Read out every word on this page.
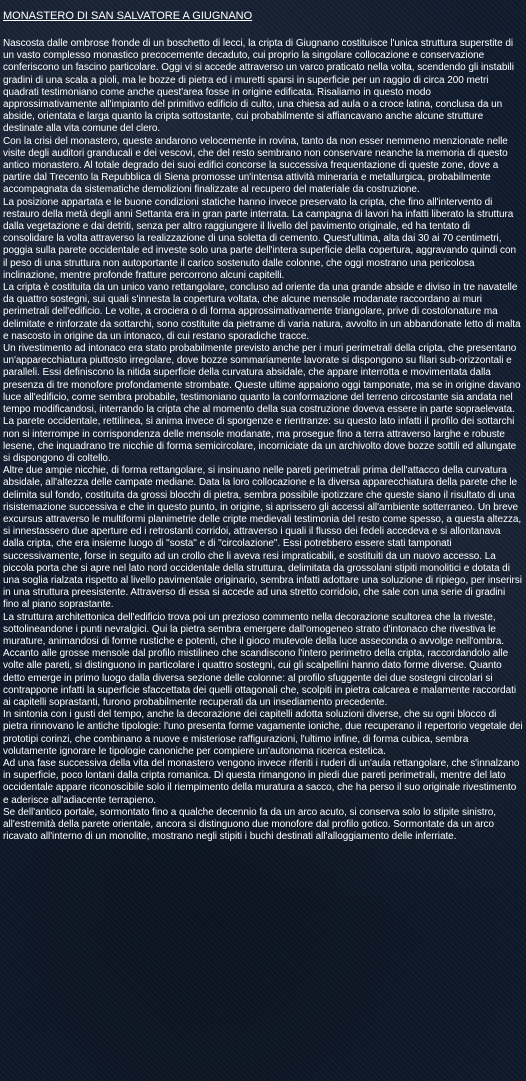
MONASTERO DI SAN SALVATORE A GIUGNANO

Nascosta dalle ombrose fronde di un boschetto di lecci, la cripta di Giugnano costituisce l'unica struttura superstite di un vasto complesso monastico precocemente decaduto, cui proprio la singolare collocazione e conservazione conferiscono un fascino particolare. Oggi vi si accede attraverso un varco praticato nella volta, scendendo gli instabili gradini di una scala a pioli, ma le bozze di pietra ed i muretti sparsi in superficie per un raggio di circa 200 metri quadrati testimoniano come anche quest'area fosse in origine edificata. Risaliamo in questo modo approssimativamente all'impianto del primitivo edificio di culto, una chiesa ad aula o a croce latina, conclusa da un abside, orientata e larga quanto la cripta sottostante, cui probabilmente si affiancavano anche alcune strutture destinate alla vita comune del clero.

Con la crisi del monastero, queste andarono velocemente in rovina, tanto da non esser nemmeno menzionate nelle visite degli auditori granducali e dei vescovi, che del resto sembrano non conservare neanche la memoria di questo antico monastero. Al totale degrado dei suoi edifici concorse la successiva frequentazione di queste zone, dove a partire dal Trecento la Repubblica di Siena promosse un'intensa attività mineraria e metallurgica, probabilmente accompagnata da sistematiche demolizioni finalizzate al recupero del materiale da costruzione.

La posizione appartata e le buone condizioni statiche hanno invece preservato la cripta, che fino all'intervento di restauro della metà degli anni Settanta era in gran parte interrata. La campagna di lavori ha infatti liberato la struttura dalla vegetazione e dai detriti, senza per altro raggiungere il livello del pavimento originale, ed ha tentato di consolidare la volta attraverso la realizzazione di una soletta di cemento. Quest'ultima, alta dai 30 ai 70 centimetri, poggia sulla parete occidentale ed investe solo una parte dell'intera superficie della copertura, aggravando quindi con il peso di una struttura non autoportante il carico sostenuto dalle colonne, che oggi mostrano una pericolosa inclinazione, mentre profonde fratture percorrono alcuni capitelli.

La cripta è costituita da un unico vano rettangolare, concluso ad oriente da una grande abside e diviso in tre navatelle da quattro sostegni, sui quali s'innesta la copertura voltata, che alcune mensole modanate raccordano ai muri perimetrali dell'edificio. Le volte, a crociera o di forma approssimativamente triangolare, prive di costolonature ma delimitate e rinforzate da sottarchi, sono costituite da pietrame di varia natura, avvolto in un abbandonate letto di malta e nascosto in origine da un intonaco, di cui restano sporadiche tracce.

Un rivestimento ad intonaco era stato probabilmente previsto anche per i muri perimetrali della cripta, che presentano un'apparecchiatura piuttosto irregolare, dove bozze sommariamente lavorate si dispongono su filari sub-orizzontali e paralleli. Essi definiscono la nitida superficie della curvatura absidale, che appare interrotta e movimentata dalla presenza di tre monofore profondamente strombate. Queste ultime appaiono oggi tamponate, ma se in origine davano luce all'edificio, come sembra probabile, testimoniano quanto la conformazione del terreno circostante sia andata nel tempo modificandosi, interrando la cripta che al momento della sua costruzione doveva essere in parte sopraelevata.

La parete occidentale, rettilinea, si anima invece di sporgenze e rientranze: su questo lato infatti il profilo dei sottarchi non si interrompe in corrispondenza delle mensole modanate, ma prosegue fino a terra attraverso larghe e robuste lesene, che inquadrano tre nicchie di forma semicircolare, incorniciate da un archivolto dove bozze sottili ed allungate si dispongono di coltello.

Altre due ampie nicchie, di forma rettangolare, si insinuano nelle pareti perimetrali prima dell'attacco della curvatura absidale, all'altezza delle campate mediane. Data la loro collocazione e la diversa apparecchiatura della parete che le delimita sul fondo, costituita da grossi blocchi di pietra, sembra possibile ipotizzare che queste siano il risultato di una risistemazione successiva e che in questo punto, in origine, si aprissero gli accessi all'ambiente sotterraneo. Un breve excursus attraverso le multiformi planimetrie delle cripte medievali testimonia del resto come spesso, a questa altezza, si innestassero due aperture ed i retrostanti corridoi, attraverso i quali il flusso dei fedeli accedeva e si allontanava dalla cripta, che era insieme luogo di "sosta" e di "circolazione". Essi potrebbero essere stati tamponati successivamente, forse in seguito ad un crollo che li aveva resi impraticabili, e sostituiti da un nuovo accesso. La piccola porta che si apre nel lato nord occidentale della struttura, delimitata da grossolani stipiti monolitici e dotata di una soglia rialzata rispetto al livello pavimentale originario, sembra infatti adottare una soluzione di ripiego, per inserirsi in una struttura preesistente. Attraverso di essa si accede ad una stretto corridoio, che sale con una serie di gradini fino al piano soprastante.

La struttura architettonica dell'edificio trova poi un prezioso commento nella decorazione scultorea che la riveste, sottolineandone i punti nevralgici. Qui la pietra sembra emergere dall'omogeneo strato d'intonaco che rivestiva le murature, animandosi di forme rustiche e potenti, che il gioco mutevole della luce asseconda o avvolge nell'ombra. Accanto alle grosse mensole dal profilo mistilineo che scandiscono l'intero perimetro della cripta, raccordandolo alle volte alle pareti, si distinguono in particolare i quattro sostegni, cui gli scalpellini hanno dato forme diverse. Quanto detto emerge in primo luogo dalla diversa sezione delle colonne: al profilo sfuggente dei due sostegni circolari si contrappone infatti la superficie sfaccettata dei quelli ottagonali che, scolpiti in pietra calcarea e malamente raccordati ai capitelli soprastanti, furono probabilmente recuperati da un insediamento precedente.

In sintonia con i gusti del tempo, anche la decorazione dei capitelli adotta soluzioni diverse, che su ogni blocco di pietra rinnovano le antiche tipologie: l'uno presenta forme vagamente ioniche, due recuperano il repertorio vegetale dei prototipi corinzi, che combinano a nuove e misteriose raffigurazioni, l'ultimo infine, di forma cubica, sembra volutamente ignorare le tipologie canoniche per compiere un'autonoma ricerca estetica.

Ad una fase successiva della vita del monastero vengono invece riferiti i ruderi di un'aula rettangolare, che s'innalzano in superficie, poco lontani dalla cripta romanica. Di questa rimangono in piedi due pareti perimetrali, mentre del lato occidentale appare riconoscibile solo il riempimento della muratura a sacco, che ha perso il suo originale rivestimento e aderisce all'adiacente terrapieno.

Se dell'antico portale, sormontato fino a qualche decennio fa da un arco acuto, si conserva solo lo stipite sinistro, all'estremità della parete orientale, ancora si distinguono due monofore dal profilo gotico. Sormontate da un arco ricavato all'interno di un monolite, mostrano negli stipiti i buchi destinati all'alloggiamento delle inferriate.
